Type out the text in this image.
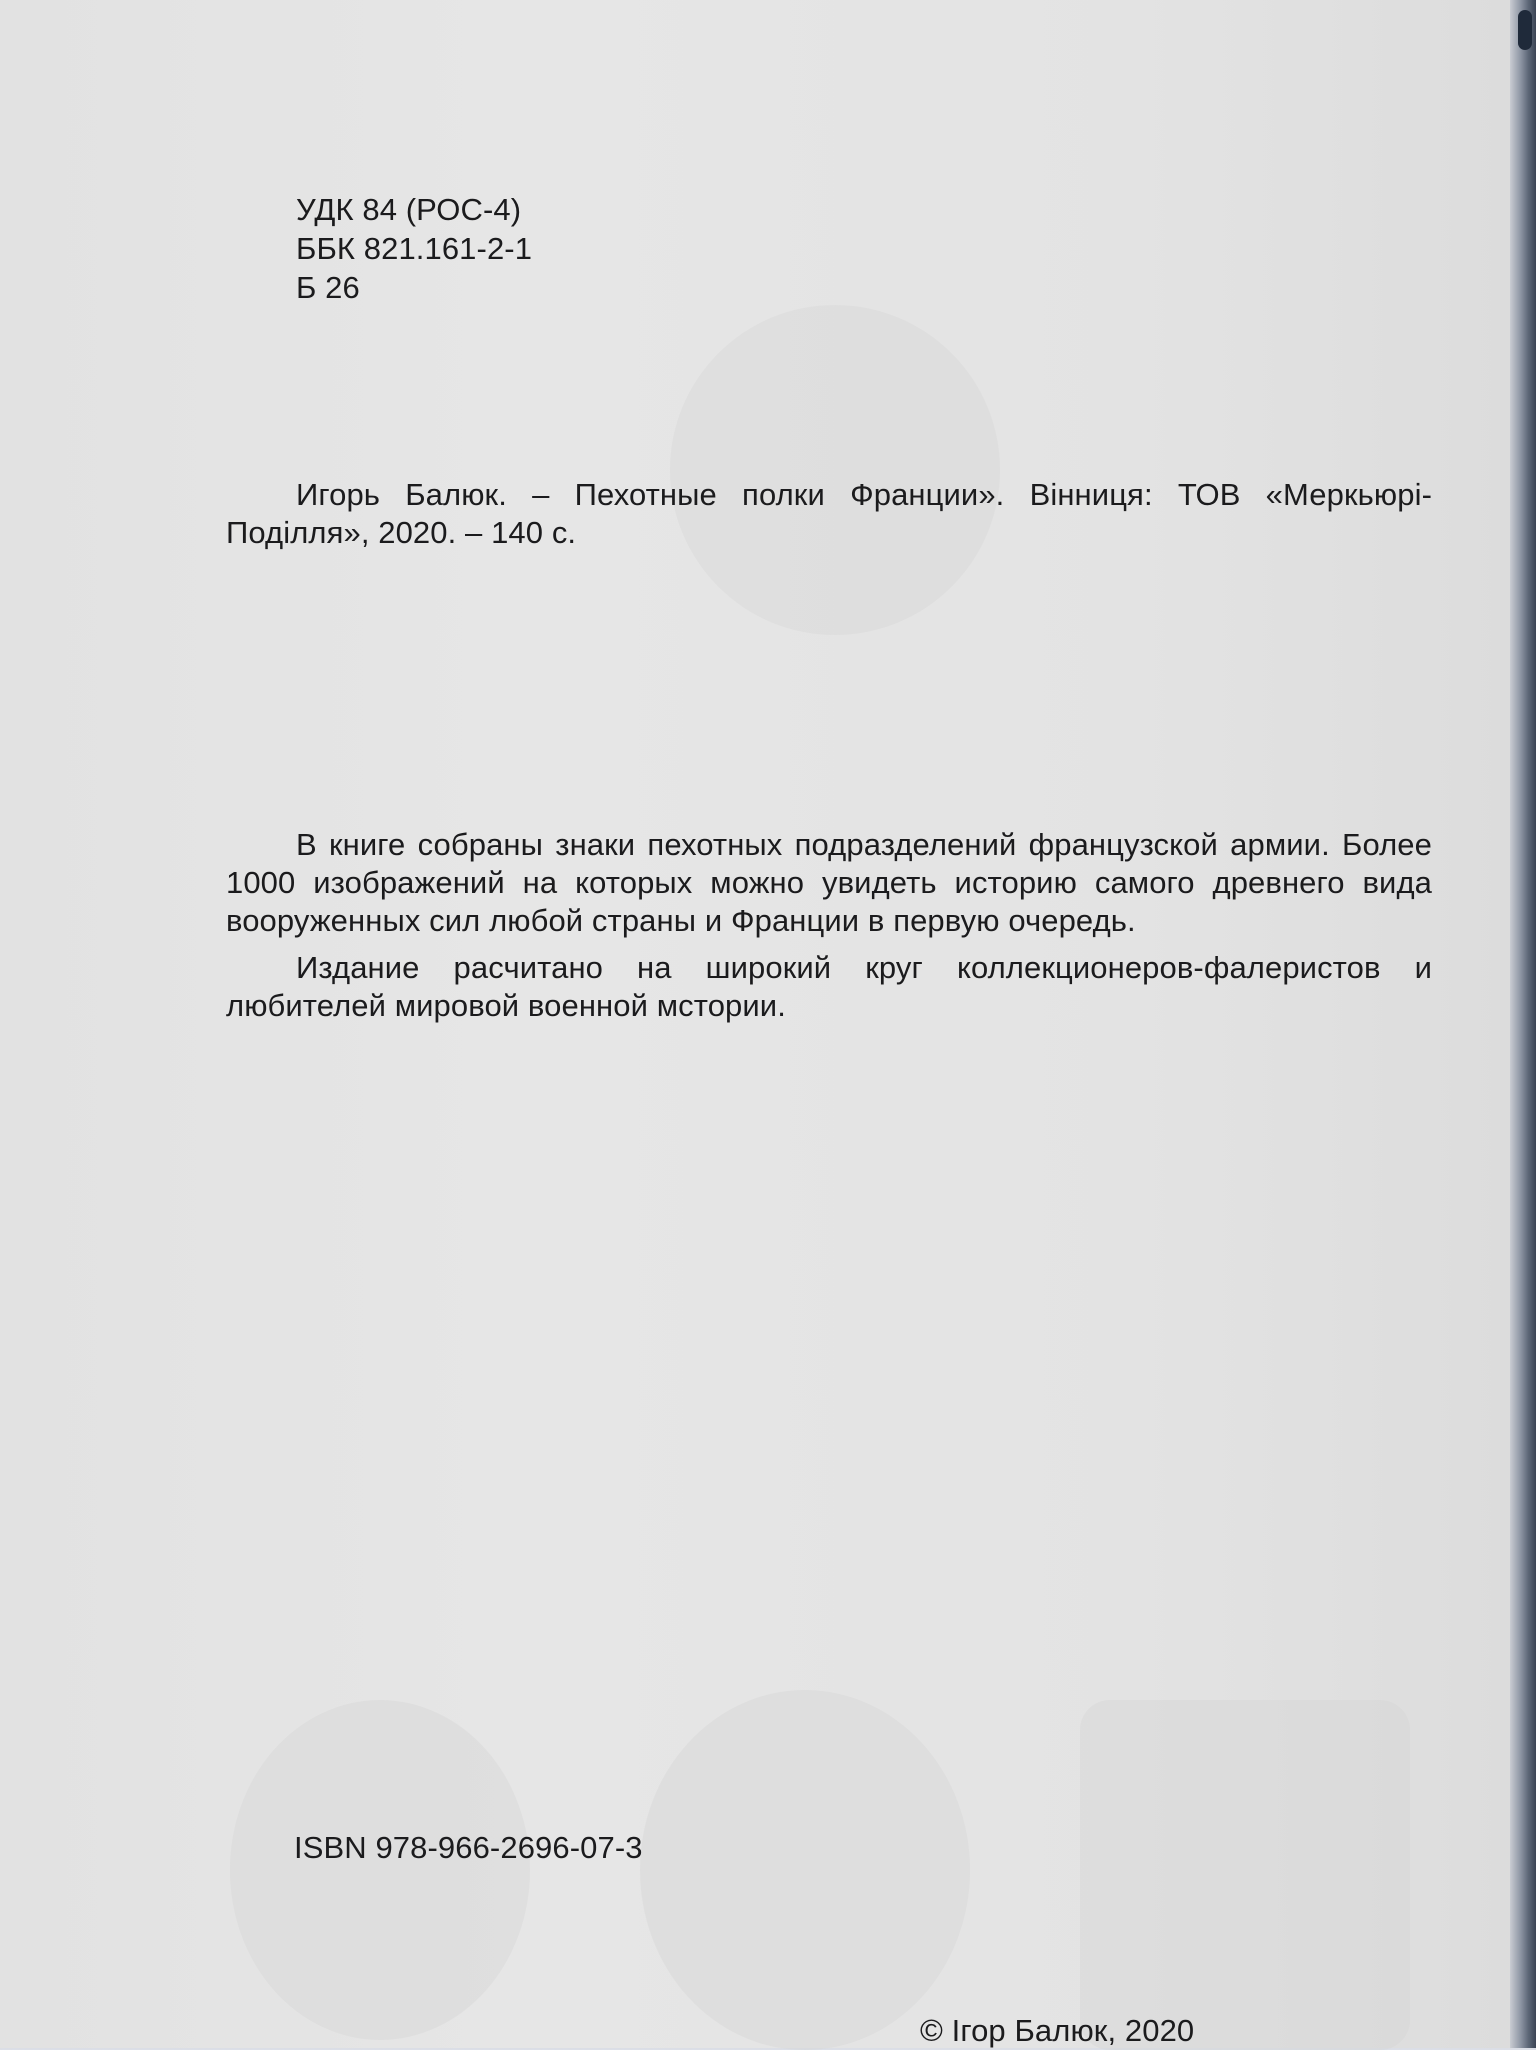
УДК 84 (РОС-4)
ББК 821.161-2-1
Б 26
Игорь Балюк. – Пехотные полки Франции». Вінниця: ТОВ «Меркьюрі-Поділля», 2020. – 140 с.

В книге собраны знаки пехотных подразделений французской армии. Более 1000 изображений на которых можно увидеть историю самого древнего вида вооруженных сил любой страны и Франции в первую очередь.

Издание расчитано на широкий круг коллекционеров-фалеристов и любителей мировой военной мстории.

ISBN 978-966-2696-07-3
© Ігор Балюк, 2020
